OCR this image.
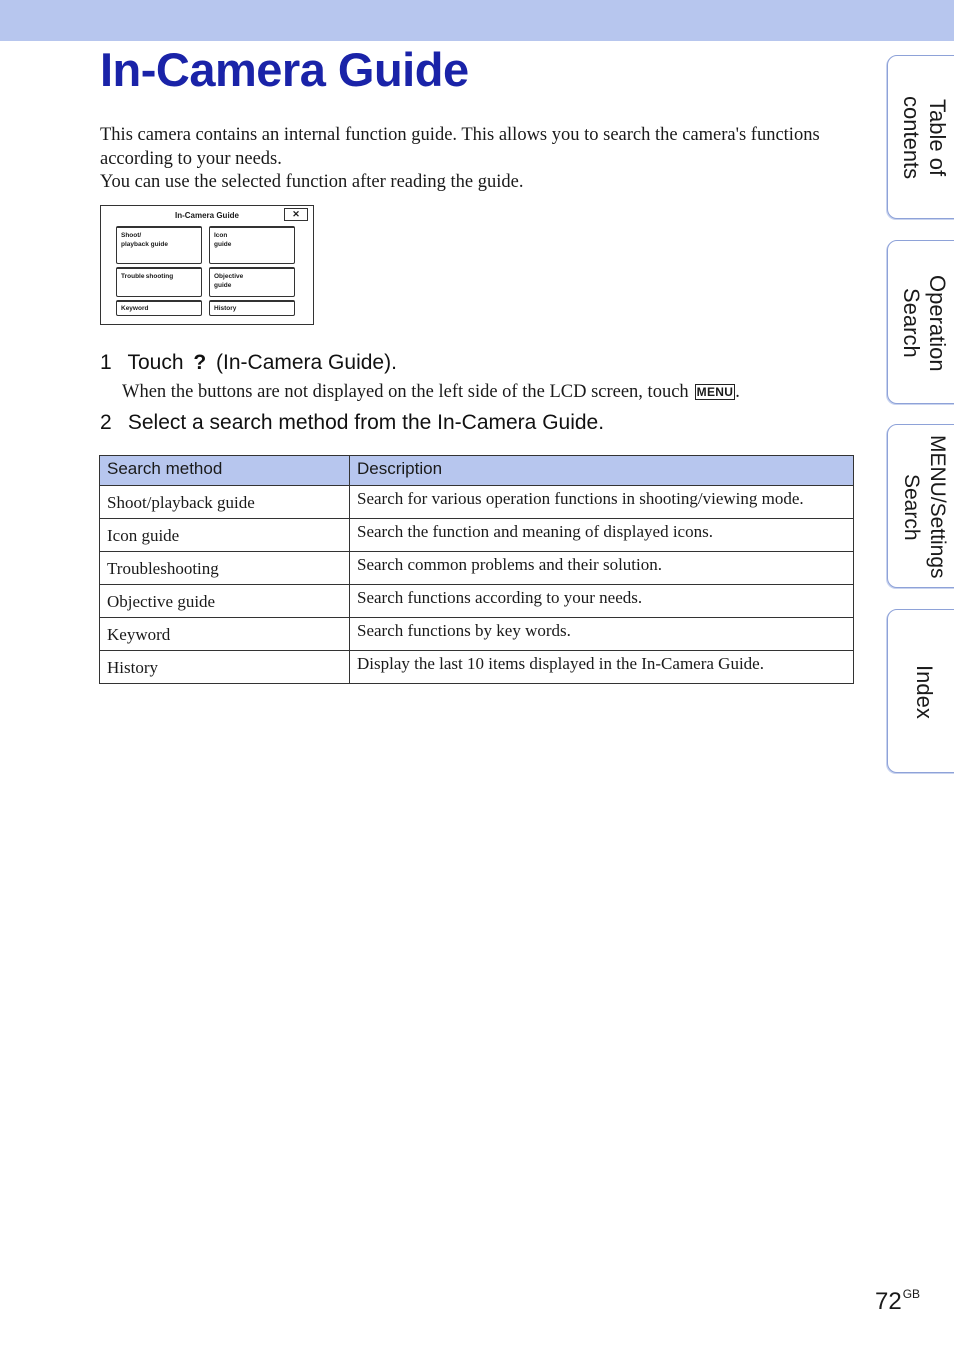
In-Camera Guide

This camera contains an internal function guide. This allows you to search the camera's functions according to your needs.

You can use the selected function after reading the guide.

In-Camera Guide	✕
Shoot/
playback guide
Icon
guide
Trouble shooting	Objective
guide
Keyword	History
1 Touch ? (In-Camera Guide).
When the buttons are not displayed on the left side of the LCD screen, touch MENU .
2 Select a search method from the In-Camera Guide.
Search method	Description
Shoot/playback guide	Search for various operation functions in shooting/viewing mode.
Icon guide	Search the function and meaning of displayed icons.
Troubleshooting	Search common problems and their solution.
Objective guide	Search functions according to your needs.
Keyword	Search functions by key words.
History	Display the last 10 items displayed in the In-Camera Guide.
Table of
contents
Operation
Search
MENU/Settings
Search
Index
$72^{GB}$
